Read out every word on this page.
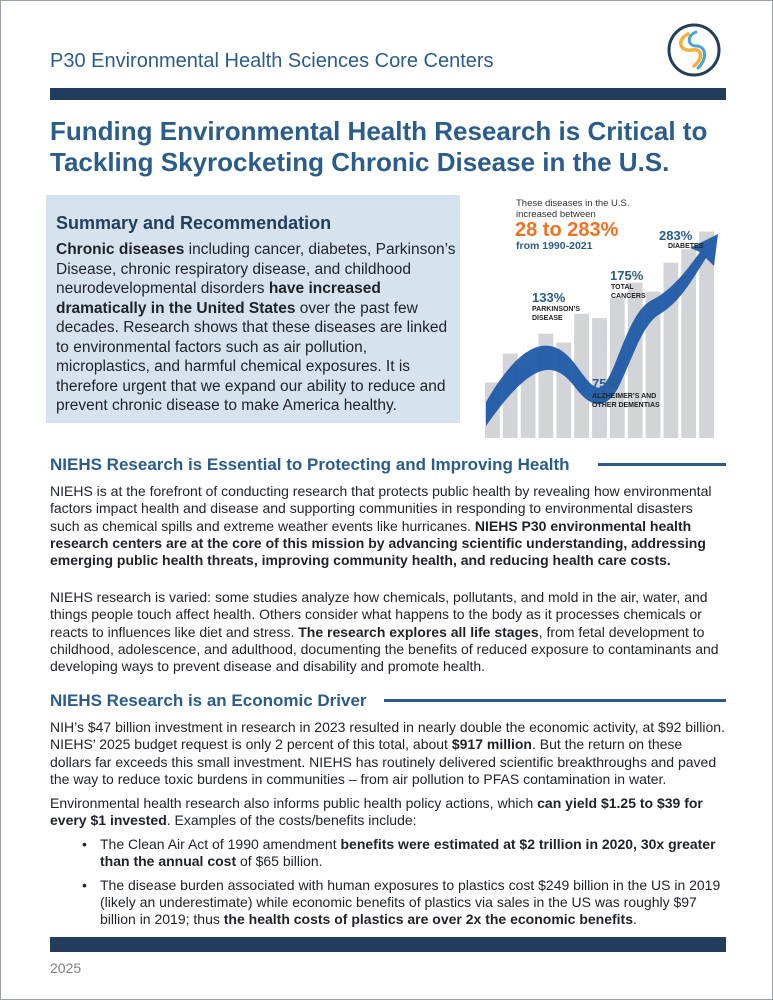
P30 Environmental Health Sciences Core Centers
Funding Environmental Health Research is Critical to
Tackling Skyrocketing Chronic Disease in the U.S.
Summary and Recommendation

Chronic diseases including cancer, diabetes, Parkinson’s Disease, chronic respiratory disease, and childhood neurodevelopmental disorders have increased dramatically in the United States over the past few decades. Research shows that these diseases are linked to environmental factors such as air pollution, microplastics, and harmful chemical exposures. It is therefore urgent that we expand our ability to reduce and prevent chronic disease to make America healthy.

These diseases in the U.S.
increased between
28 to 283%
from 1990-2021
283%
DIABETES
175%
TOTAL
CANCERS
133%
PARKINSON’S
DISEASE
75%
ALZHEIMER’S AND
OTHER DEMENTIAS
NIEHS Research is Essential to Protecting and Improving Health

NIEHS is at the forefront of conducting research that protects public health by revealing how environmental factors impact health and disease and supporting communities in responding to environmental disasters such as chemical spills and extreme weather events like hurricanes. NIEHS P30 environmental health research centers are at the core of this mission by advancing scientific understanding, addressing emerging public health threats, improving community health, and reducing health care costs.

NIEHS research is varied: some studies analyze how chemicals, pollutants, and mold in the air, water, and things people touch affect health. Others consider what happens to the body as it processes chemicals or reacts to influences like diet and stress. The research explores all life stages, from fetal development to childhood, adolescence, and adulthood, documenting the benefits of reduced exposure to contaminants and developing ways to prevent disease and disability and promote health.

NIEHS Research is an Economic Driver

NIH’s $47 billion investment in research in 2023 resulted in nearly double the economic activity, at $92 billion. NIEHS’ 2025 budget request is only 2 percent of this total, about $917 million. But the return on these dollars far exceeds this small investment. NIEHS has routinely delivered scientific breakthroughs and paved the way to reduce toxic burdens in communities – from air pollution to PFAS contamination in water.

Environmental health research also informs public health policy actions, which can yield $1.25 to $39 for every $1 invested. Examples of the costs/benefits include:

• The Clean Air Act of 1990 amendment benefits were estimated at $2 trillion in 2020, 30x greater than the annual cost of $65 billion.
• The disease burden associated with human exposures to plastics cost $249 billion in the US in 2019 (likely an underestimate) while economic benefits of plastics via sales in the US was roughly $97 billion in 2019; thus the health costs of plastics are over 2x the economic benefits.
2025
